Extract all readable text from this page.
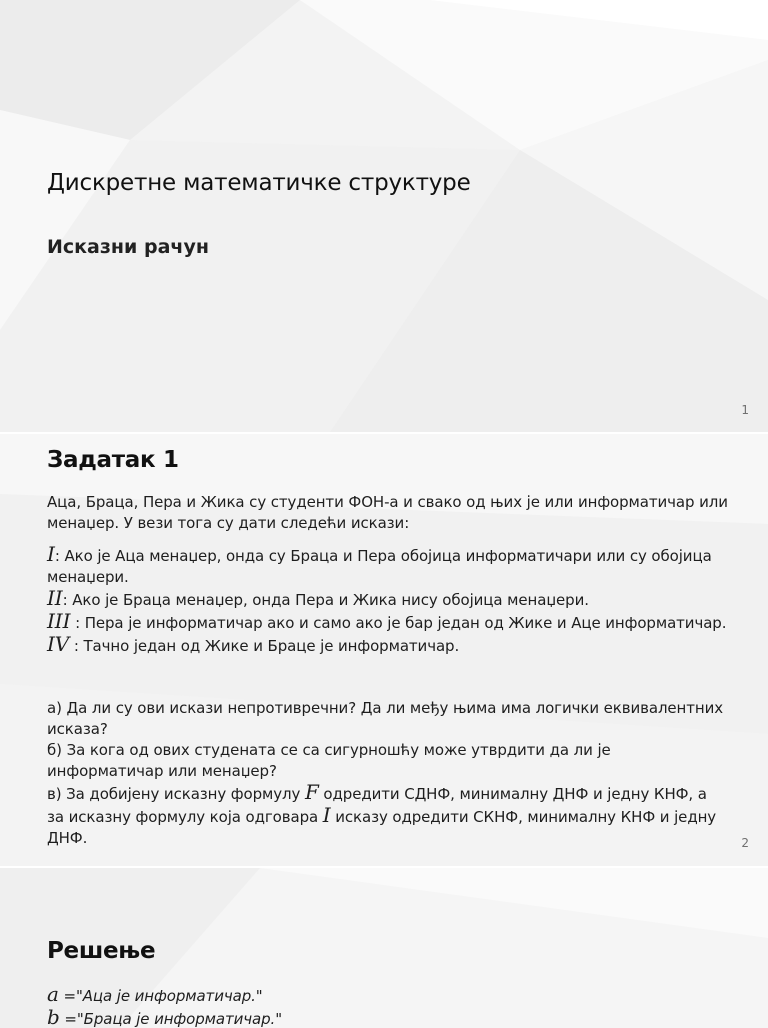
Дискретне математичке структуре
Исказни рачун
1
Задатак 1

Аца, Браца, Пера и Жика су студенти ФОН-а и свако од њих је или информатичар или менаџер. У вези тога су дати следећи искази:

I: Ако је Аца менаџер, онда су Браца и Пера обојица информатичари или су обојица менаџери.
II: Ако је Браца менаџер, онда Пера и Жика нису обојица менаџери.
III : Пера је информатичар ако и само ако је бар један од Жике и Аце информатичар.
IV : Тачно један од Жике и Браце је информатичар.

а) Да ли су ови искази непротивречни? Да ли међу њима има логички еквивалентних исказа?

б) За кога од ових студената се са сигурношћу може утврдити да ли је информатичар или менаџер?

в) За добијену исказну формулу F одредити СДНФ, минималну ДНФ и једну КНФ, а за исказну формулу која одговара I исказу одредити СКНФ, минималну КНФ и једну ДНФ.	2
Решење
a ="Аца је информатичар."
b ="Браца је информатичар."
